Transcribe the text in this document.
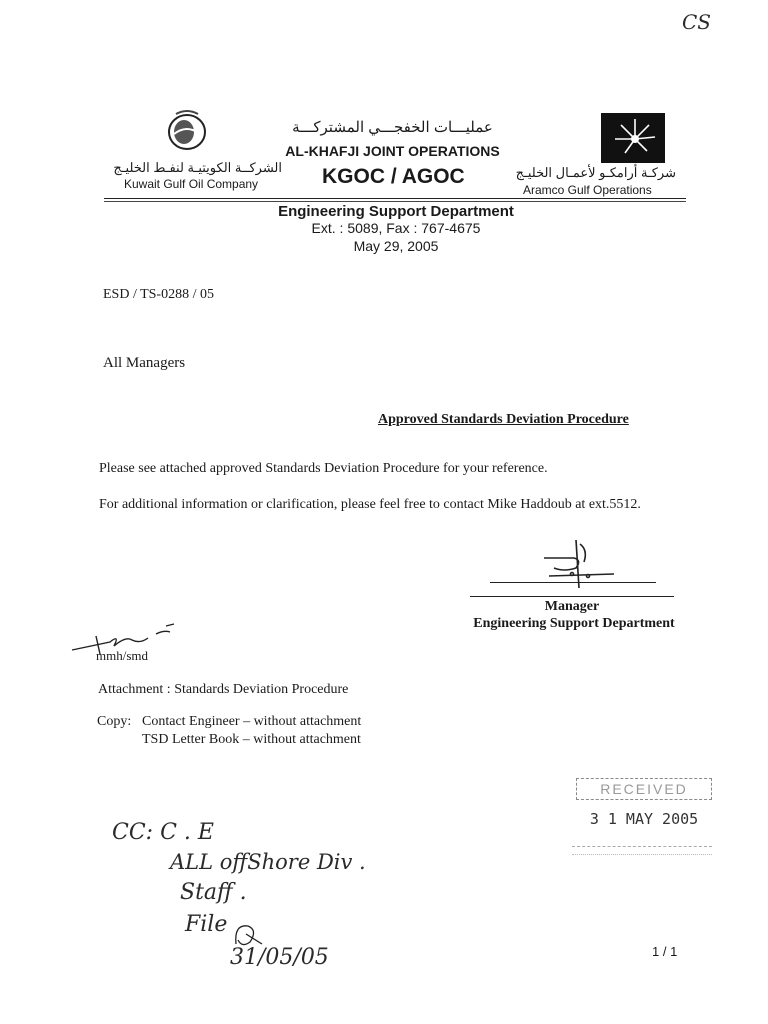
CS
عمليـــات الخفجـــي المشتركـــة
AL-KHAFJI JOINT OPERATIONS
الشركــة الكويتيـة لنفـط الخليـج
Kuwait Gulf Oil Company	KGOC / AGOC	شركـة أرامكـو لأعمـال الخليـج
Aramco Gulf Operations
Engineering Support Department
Ext. : 5089, Fax : 767-4675
May 29, 2005
ESD / TS-0288 / 05
All Managers
Approved Standards Deviation Procedure
Please see attached approved Standards Deviation Procedure for your reference.
For additional information or clarification, please feel free to contact Mike Haddoub at ext.5512.
Manager
Engineering Support Department
mmh/smd
Attachment : Standards Deviation Procedure
Copy: Contact Engineer – without attachment
TSD Letter Book – without attachment
RECEIVED
3 1 MAY 2005
CC: C . E
ALL offShore Div .
Staff .
File
31/05/05	1 / 1
